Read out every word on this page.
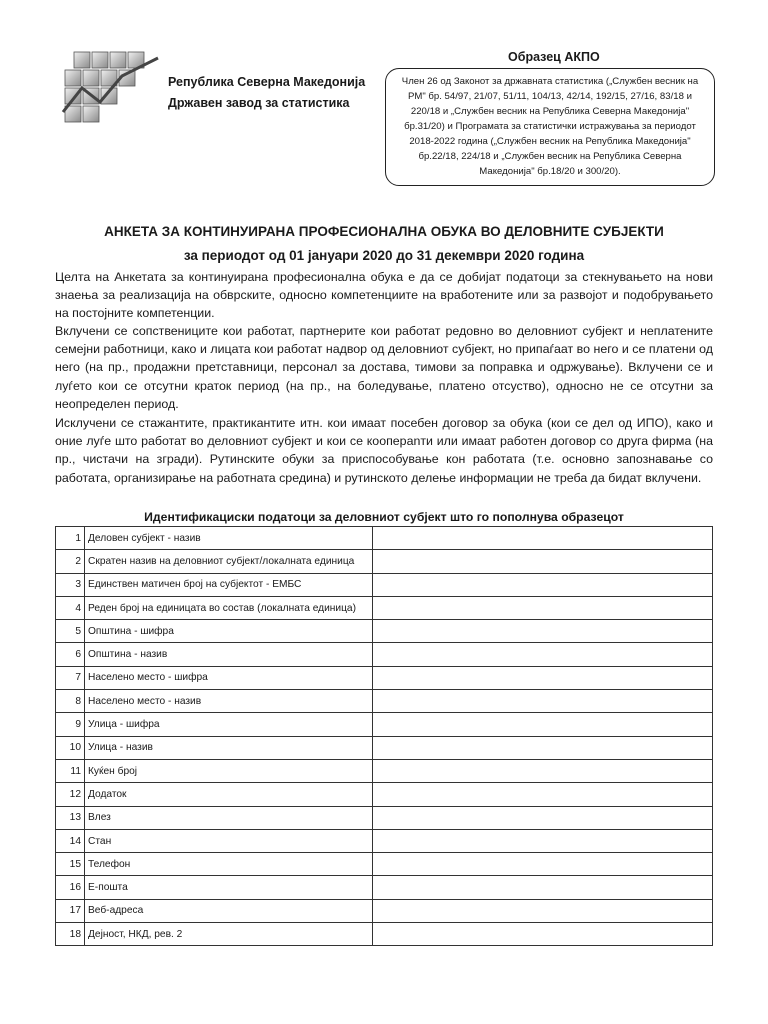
Република Северна Македонија
Државен завод за статистика
Образец АКПО
Член 26 од Законот за државната статистика („Службен весник на РМ" бр. 54/97, 21/07, 51/11, 104/13, 42/14, 192/15, 27/16, 83/18 и 220/18 и „Службен весник на Република Северна Македонија" бр.31/20) и Програмата за статистички истражувања за периодот 2018-2022 година („Службен весник на Република Македонија" бр.22/18, 224/18 и „Службен весник на Република Северна Македонија" бр.18/20 и 300/20).
АНКЕТА ЗА КОНТИНУИРАНА ПРОФЕСИОНАЛНА ОБУКА ВО ДЕЛОВНИТЕ СУБЈЕКТИ
за периодот од 01 јануари 2020 до 31 декември 2020 година

Целта на Анкетата за континуирана професионална обука е да се добијат податоци за стекнувањето на нови знаења за реализација на обврските, односно компетенциите на вработените или за развојот и подобрувањето на постојните компетенции.

Вклучени се сопствениците кои работат, партнерите кои работат редовно во деловниот субјект и неплатените семејни работници, како и лицата кои работат надвор од деловниот субјект, но припаѓаат во него и се платени од него (на пр., продажни претставници, персонал за достава, тимови за поправка и одржување). Вклучени се и луѓето кои се отсутни краток период (на пр., на боледување, платено отсуство), односно не се отсутни за неопределен период.

Исклучени се стажантите, практикантите итн. кои имаат посебен договор за обука (кои се дел од ИПО), како и оние луѓе што работат во деловниот субјект и кои се коопераnти или имаат работен договор со друга фирма (на пр., чистачи на згради). Рутинските обуки за приспособување кон работата (т.е. основно запознавање со работата, организирање на работната средина) и рутинското делење информации не треба да бидат вклучени.

Идентификациски податоци за деловниот субјект што го пополнува образецот
1	Деловен субјект - назив	
2	Скратен назив на деловниот субјект/локалната единица	
3	Единствен матичен број на субјектот - ЕМБС	
4	Реден број на единицата во состав (локалната единица)	
5	Општина - шифра	
6	Општина - назив	
7	Населено место - шифра	
8	Населено место - назив	
9	Улица - шифра	
10	Улица - назив	
11	Куќен број	
12	Додаток	
13	Влез	
14	Стан	
15	Телефон	
16	Е-пошта	
17	Веб-адреса	
18	Дејност, НКД, рев. 2	
